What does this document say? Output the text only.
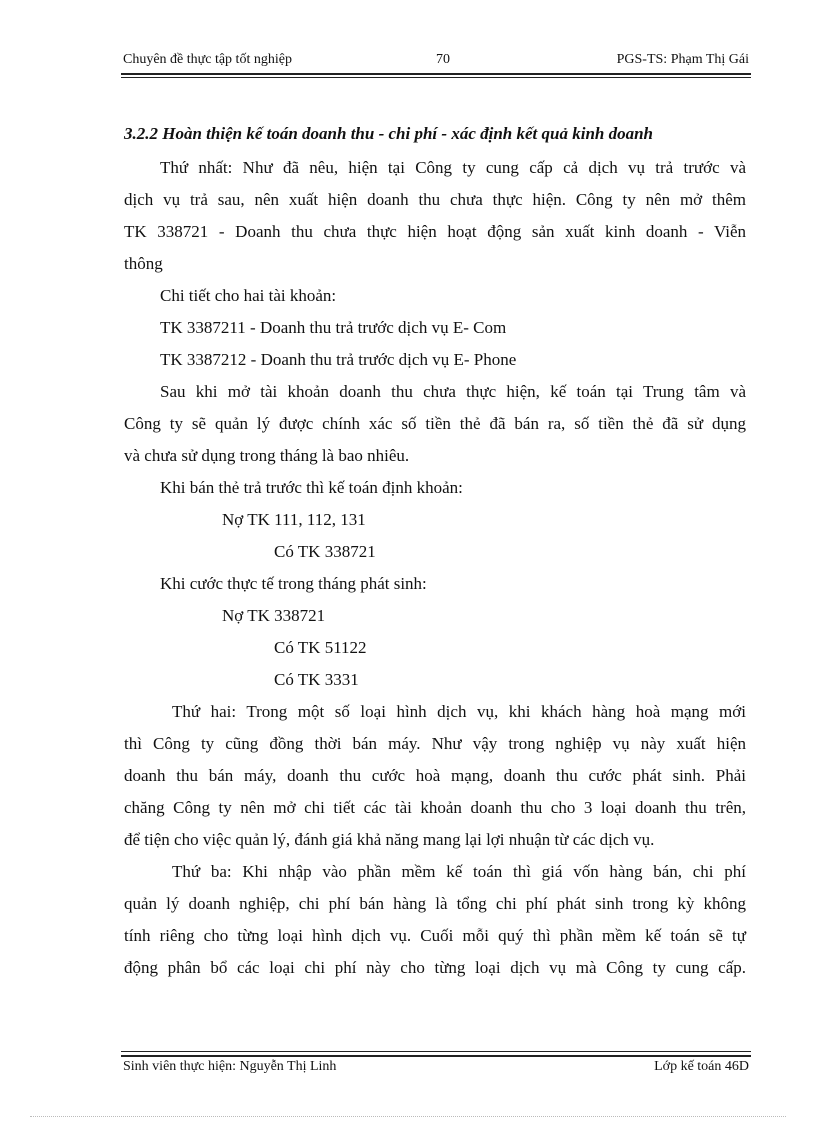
Chuyên đề thực tập tốt nghiệp	70	PGS-TS: Phạm Thị Gái
3.2.2 Hoàn thiện kế toán doanh thu - chi phí - xác định kết quả kinh doanh
Thứ nhất: Như đã nêu, hiện tại Công ty cung cấp cả dịch vụ trả trước và
dịch vụ trả sau, nên xuất hiện doanh thu chưa thực hiện. Công ty nên mở thêm
TK 338721 - Doanh thu chưa thực hiện hoạt động sản xuất kinh doanh - Viễn
thông
Chi tiết cho hai tài khoản:
TK 3387211 - Doanh thu trả trước dịch vụ E- Com
TK 3387212 - Doanh thu trả trước dịch vụ E- Phone
Sau khi mở tài khoản doanh thu chưa thực hiện, kế toán tại Trung tâm và
Công ty sẽ quản lý được chính xác số tiền thẻ đã bán ra, số tiền thẻ đã sử dụng
và chưa sử dụng trong tháng là bao nhiêu.
Khi bán thẻ trả trước thì kế toán định khoản:
Nợ TK 111, 112, 131
Có TK 338721
Khi cước thực tế trong tháng phát sinh:
Nợ TK 338721
Có TK 51122
Có TK 3331
Thứ hai: Trong một số loại hình dịch vụ, khi khách hàng hoà mạng mới
thì Công ty cũng đồng thời bán máy. Như vậy trong nghiệp vụ này xuất hiện
doanh thu bán máy, doanh thu cước hoà mạng, doanh thu cước phát sinh. Phải
chăng Công ty nên mở chi tiết các tài khoản doanh thu cho 3 loại doanh thu trên,
để tiện cho việc quản lý, đánh giá khả năng mang lại lợi nhuận từ các dịch vụ.
Thứ ba: Khi nhập vào phần mềm kế toán thì giá vốn hàng bán, chi phí
quản lý doanh nghiệp, chi phí bán hàng là tổng chi phí phát sinh trong kỳ không
tính riêng cho từng loại hình dịch vụ. Cuối mỗi quý thì phần mềm kế toán sẽ tự
động phân bổ các loại chi phí này cho từng loại dịch vụ mà Công ty cung cấp.
Sinh viên thực hiện: Nguyễn Thị Linh	Lớp kế toán 46D
